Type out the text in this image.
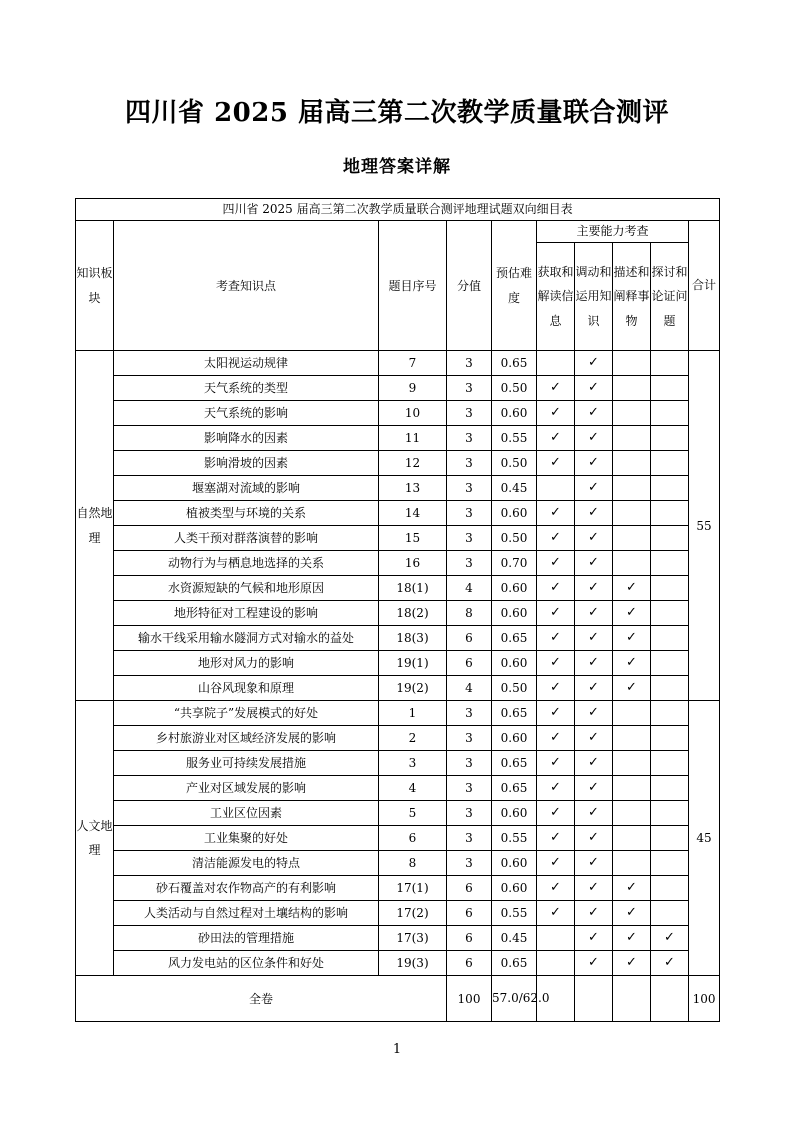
四川省 2025 届高三第二次教学质量联合测评
地理答案详解
四川省 2025 届高三第二次教学质量联合测评地理试题双向细目表									
知识板块	考查知识点	题目序号	分值	预估难度	主要能力考查				合计
					获取和解读信息	调动和运用知识	描述和阐释事物	探讨和论证问题	
自然地理	太阳视运动规律	7	3	0.65		✓			55
	天气系统的类型	9	3	0.50	✓	✓			
	天气系统的影响	10	3	0.60	✓	✓			
	影响降水的因素	11	3	0.55	✓	✓			
	影响滑坡的因素	12	3	0.50	✓	✓			
	堰塞湖对流域的影响	13	3	0.45		✓			
	植被类型与环境的关系	14	3	0.60	✓	✓			
	人类干预对群落演替的影响	15	3	0.50	✓	✓			
	动物行为与栖息地选择的关系	16	3	0.70	✓	✓			
	水资源短缺的气候和地形原因	18(1)	4	0.60	✓	✓	✓		
	地形特征对工程建设的影响	18(2)	8	0.60	✓	✓	✓		
	输水干线采用输水隧洞方式对输水的益处	18(3)	6	0.65	✓	✓	✓		
	地形对风力的影响	19(1)	6	0.60	✓	✓	✓		
	山谷风现象和原理	19(2)	4	0.50	✓	✓	✓		
人文地理	“共享院子”发展模式的好处	1	3	0.65	✓	✓			45
	乡村旅游业对区域经济发展的影响	2	3	0.60	✓	✓			
	服务业可持续发展措施	3	3	0.65	✓	✓			
	产业对区域发展的影响	4	3	0.65	✓	✓			
	工业区位因素	5	3	0.60	✓	✓			
	工业集聚的好处	6	3	0.55	✓	✓			
	清洁能源发电的特点	8	3	0.60	✓	✓			
	砂石覆盖对农作物高产的有利影响	17(1)	6	0.60	✓	✓	✓		
	人类活动与自然过程对土壤结构的影响	17(2)	6	0.55	✓	✓	✓		
	砂田法的管理措施	17(3)	6	0.45		✓	✓	✓	
	风力发电站的区位条件和好处	19(3)	6	0.65		✓	✓	✓	
全卷			100	57.0/62.0					100
1
